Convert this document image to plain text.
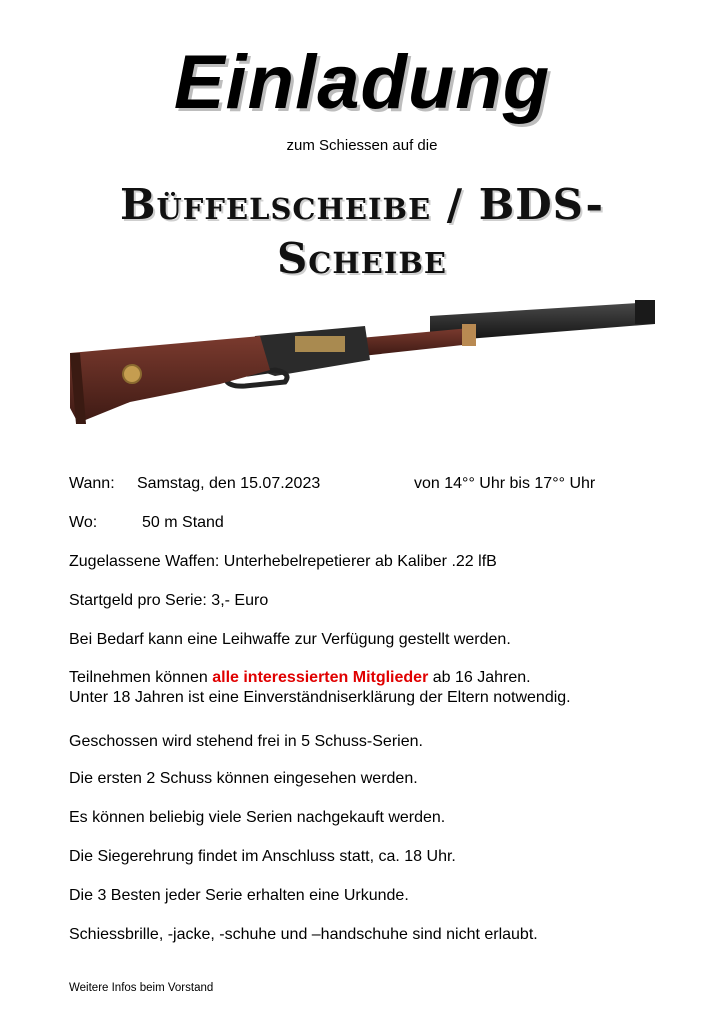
Einladung
zum Schiessen auf die
Büffelscheibe / BDS-
Scheibe
Wann: Samstag, den 15.07.2023	von 14°° Uhr bis 17°° Uhr
Wo:	50 m Stand
Zugelassene Waffen: Unterhebelrepetierer ab Kaliber .22 lfB
Startgeld pro Serie: 3,- Euro
Bei Bedarf kann eine Leihwaffe zur Verfügung gestellt werden.
Teilnehmen können alle interessierten Mitglieder ab 16 Jahren.
Unter 18 Jahren ist eine Einverständniserklärung der Eltern notwendig.
Geschossen wird stehend frei in 5 Schuss-Serien.
Die ersten 2 Schuss können eingesehen werden.
Es können beliebig viele Serien nachgekauft werden.
Die Siegerehrung findet im Anschluss statt, ca. 18 Uhr.
Die 3 Besten jeder Serie erhalten eine Urkunde.
Schiessbrille, -jacke, -schuhe und –handschuhe sind nicht erlaubt.
Weitere Infos beim Vorstand
